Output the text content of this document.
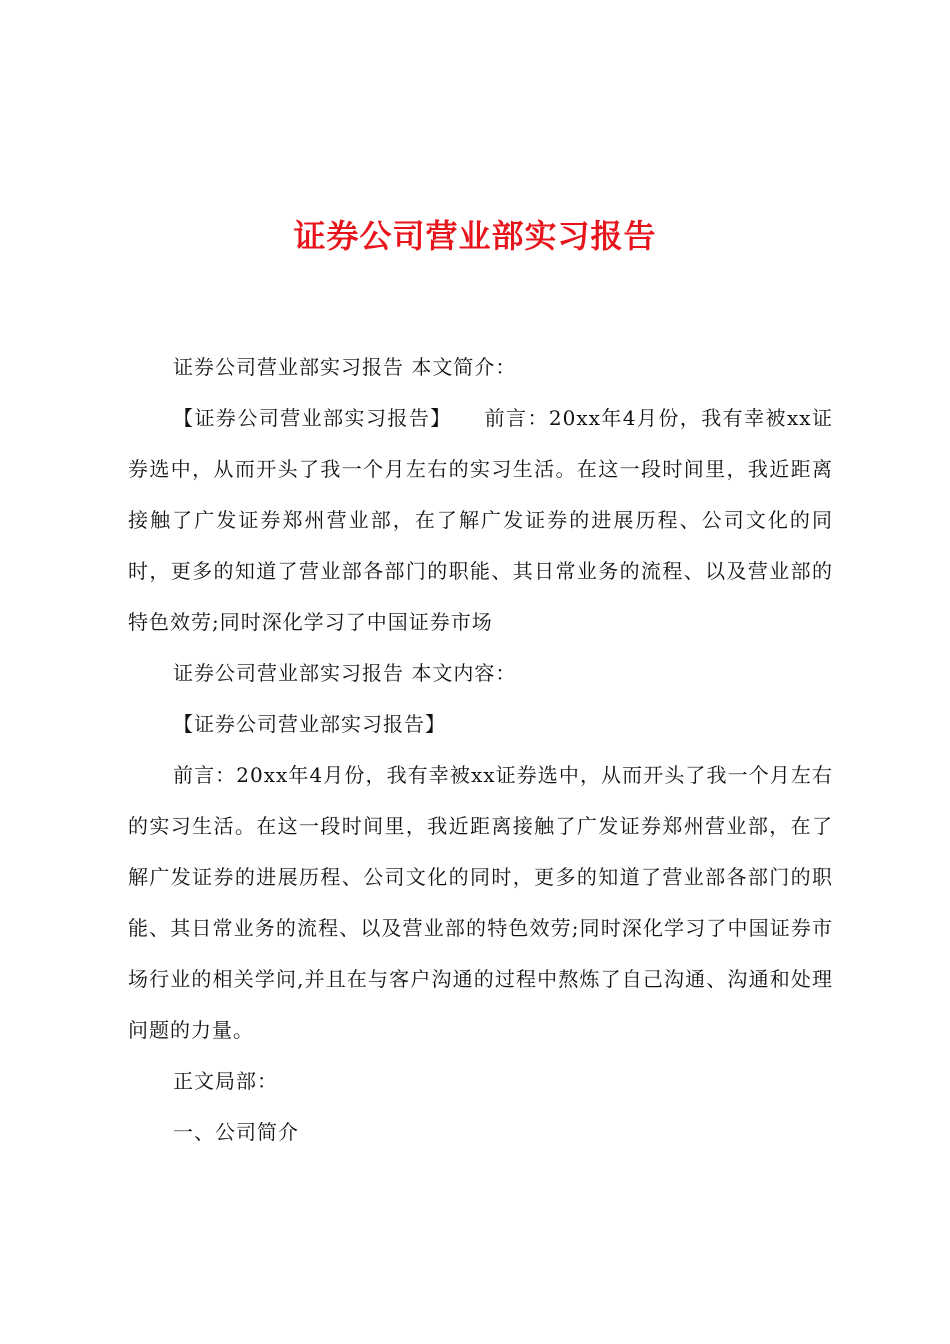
证券公司营业部实习报告

证券公司营业部实习报告 本文简介：

【证券公司营业部实习报告】　　前言：20xx年4月份，我有幸被xx证券选中，从而开头了我一个月左右的实习生活。在这一段时间里，我近距离接触了广发证券郑州营业部，在了解广发证券的进展历程、公司文化的同时，更多的知道了营业部各部门的职能、其日常业务的流程、以及营业部的特色效劳;同时深化学习了中国证券市场

证券公司营业部实习报告 本文内容：

【证券公司营业部实习报告】

前言：20xx年4月份，我有幸被xx证券选中，从而开头了我一个月左右的实习生活。在这一段时间里，我近距离接触了广发证券郑州营业部，在了解广发证券的进展历程、公司文化的同时，更多的知道了营业部各部门的职能、其日常业务的流程、以及营业部的特色效劳;同时深化学习了中国证券市场行业的相关学问,并且在与客户沟通的过程中熬炼了自己沟通、沟通和处理问题的力量。

正文局部：

一、公司简介
